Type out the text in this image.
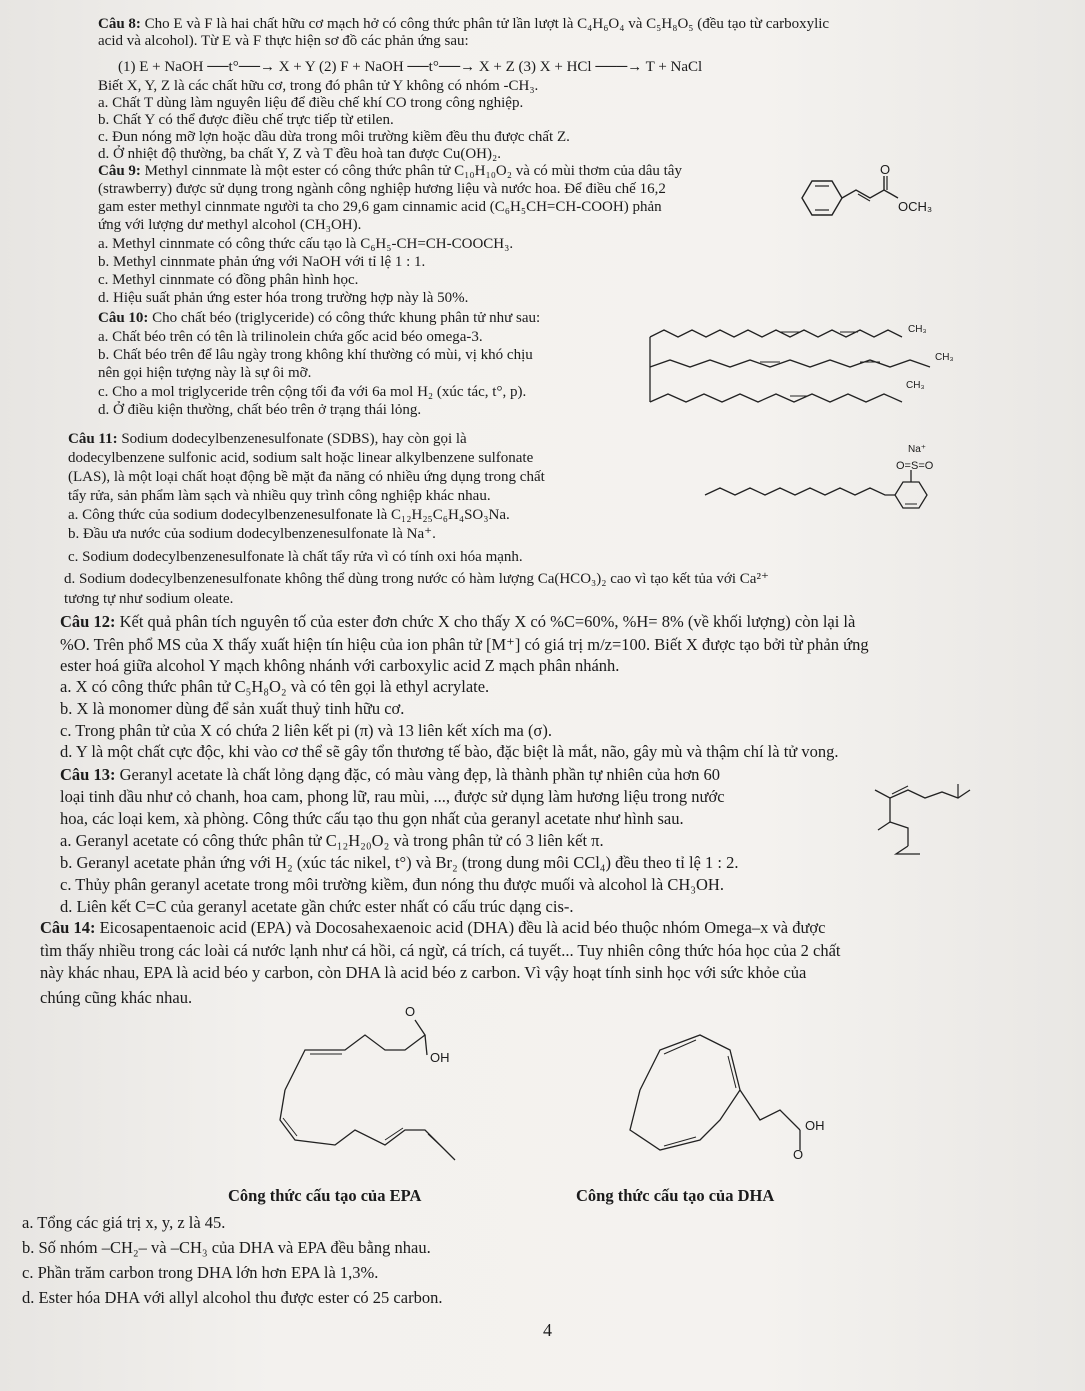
Câu 8: Cho E và F là hai chất hữu cơ mạch hở có công thức phân tử lần lượt là C₄H₆O₄ và C₅H₈O₅ (đều tạo từ carboxylic
acid và alcohol). Từ E và F thực hiện sơ đồ các phản ứng sau:
(1) E + NaOH ──t°──→ X + Y (2) F + NaOH ──t°──→ X + Z (3) X + HCl ───→ T + NaCl
Biết X, Y, Z là các chất hữu cơ, trong đó phân tử Y không có nhóm -CH₃.
a. Chất T dùng làm nguyên liệu để điều chế khí CO trong công nghiệp.
b. Chất Y có thể được điều chế trực tiếp từ etilen.
c. Đun nóng mỡ lợn hoặc dầu dừa trong môi trường kiềm đều thu được chất Z.
d. Ở nhiệt độ thường, ba chất Y, Z và T đều hoà tan được Cu(OH)₂.
Câu 9: Methyl cinnmate là một ester có công thức phân tử C₁₀H₁₀O₂ và có mùi thơm của dâu tây
(strawberry) được sử dụng trong ngành công nghiệp hương liệu và nước hoa. Để điều chế 16,2
gam ester methyl cinnmate người ta cho 29,6 gam cinnamic acid (C₆H₅CH=CH-COOH) phản
ứng với lượng dư methyl alcohol (CH₃OH).
a. Methyl cinnmate có công thức cấu tạo là C₆H₅-CH=CH-COOCH₃.
b. Methyl cinnmate phản ứng với NaOH với tỉ lệ 1 : 1.
c. Methyl cinnmate có đồng phân hình học.
d. Hiệu suất phản ứng ester hóa trong trường hợp này là 50%.
O
OCH₃
Câu 10: Cho chất béo (triglyceride) có công thức khung phân tử như sau:
a. Chất béo trên có tên là trilinolein chứa gốc acid béo omega-3.
b. Chất béo trên để lâu ngày trong không khí thường có mùi, vị khó chịu
nên gọi hiện tượng này là sự ôi mỡ.
c. Cho a mol triglyceride trên cộng tối đa với 6a mol H₂ (xúc tác, t°, p).
d. Ở điều kiện thường, chất béo trên ở trạng thái lỏng.
CH₃
CH₃
CH₃
Câu 11: Sodium dodecylbenzenesulfonate (SDBS), hay còn gọi là
dodecylbenzene sulfonic acid, sodium salt hoặc linear alkylbenzene sulfonate
(LAS), là một loại chất hoạt động bề mặt đa năng có nhiều ứng dụng trong chất
tẩy rửa, sản phẩm làm sạch và nhiều quy trình công nghiệp khác nhau.
a. Công thức của sodium dodecylbenzenesulfonate là C₁₂H₂₅C₆H₄SO₃Na.
b. Đầu ưa nước của sodium dodecylbenzenesulfonate là Na⁺.
c. Sodium dodecylbenzenesulfonate là chất tẩy rửa vì có tính oxi hóa mạnh.
d. Sodium dodecylbenzenesulfonate không thể dùng trong nước có hàm lượng Ca(HCO₃)₂ cao vì tạo kết tủa với Ca²⁺
tương tự như sodium oleate.
Na⁺
O=S=O
Câu 12: Kết quả phân tích nguyên tố của ester đơn chức X cho thấy X có %C=60%, %H= 8% (về khối lượng) còn lại là
%O. Trên phổ MS của X thấy xuất hiện tín hiệu của ion phân tử [M⁺] có giá trị m/z=100. Biết X được tạo bởi từ phản ứng
ester hoá giữa alcohol Y mạch không nhánh với carboxylic acid Z mạch phân nhánh.
a. X có công thức phân tử C₅H₈O₂ và có tên gọi là ethyl acrylate.
b. X là monomer dùng để sản xuất thuỷ tinh hữu cơ.
c. Trong phân tử của X có chứa 2 liên kết pi (π) và 13 liên kết xích ma (σ).
d. Y là một chất cực độc, khi vào cơ thể sẽ gây tổn thương tế bào, đặc biệt là mắt, não, gây mù và thậm chí là tử vong.
Câu 13: Geranyl acetate là chất lỏng dạng đặc, có màu vàng đẹp, là thành phần tự nhiên của hơn 60
loại tinh dầu như cỏ chanh, hoa cam, phong lữ, rau mùi, ..., được sử dụng làm hương liệu trong nước
hoa, các loại kem, xà phòng. Công thức cấu tạo thu gọn nhất của geranyl acetate như hình sau.
a. Geranyl acetate có công thức phân tử C₁₂H₂₀O₂ và trong phân tử có 3 liên kết π.
b. Geranyl acetate phản ứng với H₂ (xúc tác nikel, t°) và Br₂ (trong dung môi CCl₄) đều theo tỉ lệ 1 : 2.
c. Thủy phân geranyl acetate trong môi trường kiềm, đun nóng thu được muối và alcohol là CH₃OH.
d. Liên kết C=C của geranyl acetate gần chức ester nhất có cấu trúc dạng cis-.
Câu 14: Eicosapentaenoic acid (EPA) và Docosahexaenoic acid (DHA) đều là acid béo thuộc nhóm Omega–x và được
tìm thấy nhiều trong các loài cá nước lạnh như cá hồi, cá ngừ, cá trích, cá tuyết... Tuy nhiên công thức hóa học của 2 chất
này khác nhau, EPA là acid béo y carbon, còn DHA là acid béo z carbon. Vì vậy hoạt tính sinh học với sức khỏe của
chúng cũng khác nhau.
O
OH
Công thức cấu tạo của EPA
OH
O
Công thức cấu tạo của DHA
a. Tổng các giá trị x, y, z là 45.
b. Số nhóm –CH₂– và –CH₃ của DHA và EPA đều bằng nhau.
c. Phần trăm carbon trong DHA lớn hơn EPA là 1,3%.
d. Ester hóa DHA với allyl alcohol thu được ester có 25 carbon.
4
